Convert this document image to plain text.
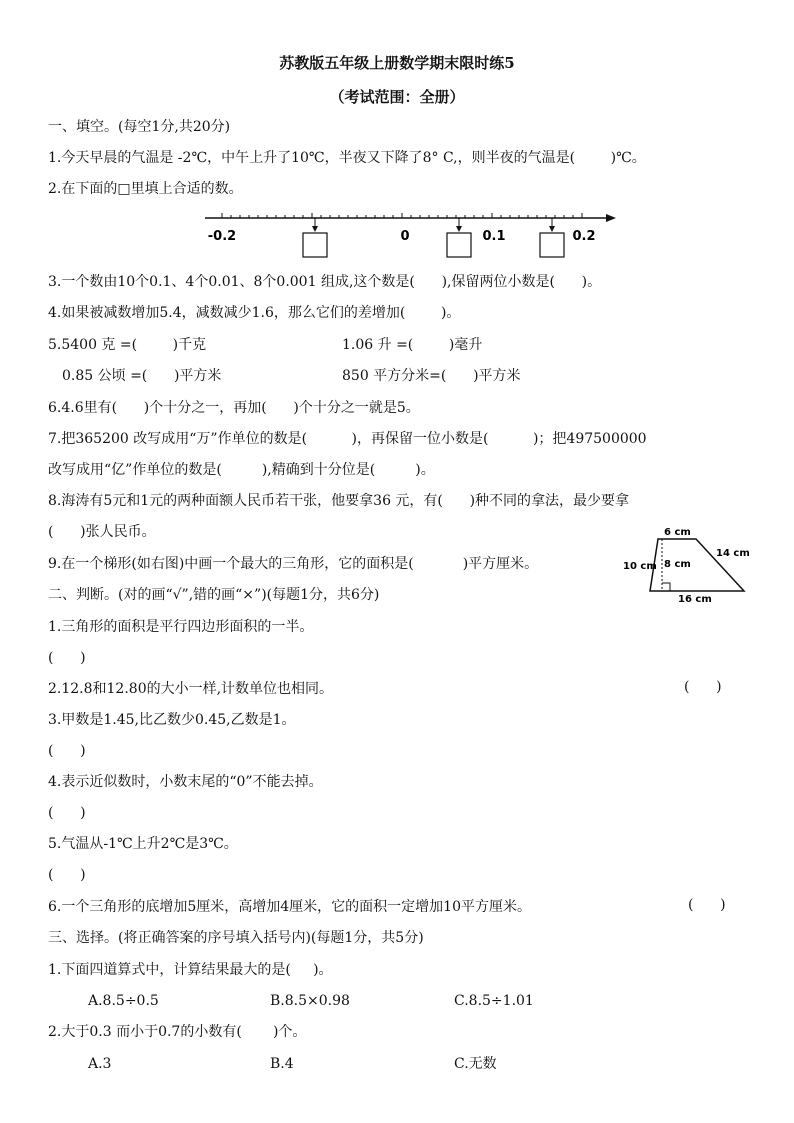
苏教版五年级上册数学期末限时练5
（考试范围：全册）
一、填空。(每空1分,共20分)
1.今天早晨的气温是 -2℃，中午上升了10℃，半夜又下降了8° C,，则半夜的气温是(        )℃。
2.在下面的□里填上合适的数。
-0.2	0	0.1	0.2
3.一个数由10个0.1、4个0.01、8个0.001 组成,这个数是(      ),保留两位小数是(      )。
4.如果被减数增加5.4，减数减少1.6，那么它们的差增加(        )。
5.5400 克 =(        )千克	1.06 升 =(        )毫升
0.85 公顷 =(      )平方米	850 平方分米=(      )平方米
6.4.6里有(      )个十分之一，再加(      )个十分之一就是5。
7.把365200 改写成用“万”作单位的数是(          )，再保留一位小数是(          )；把497500000
改写成用“亿”作单位的数是(         ),精确到十分位是(         )。
8.海涛有5元和1元的两种面额人民币若干张，他要拿36 元，有(      )种不同的拿法，最少要拿
(      )张人民币。
9.在一个梯形(如右图)中画一个最大的三角形，它的面积是(           )平方厘米。
6 cm
14 cm
8 cm
10 cm
16 cm
二、判断。(对的画“√”,错的画“×”)(每题1分，共6分)
1.三角形的面积是平行四边形面积的一半。
(      )
2.12.8和12.80的大小一样,计数单位也相同。	(      )
3.甲数是1.45,比乙数少0.45,乙数是1。
(      )
4.表示近似数时，小数末尾的“0”不能去掉。
(      )
5.气温从-1℃上升2℃是3℃。
(      )
6.一个三角形的底增加5厘米，高增加4厘米，它的面积一定增加10平方厘米。	(      )
三、选择。(将正确答案的序号填入括号内)(每题1分，共5分)
1.下面四道算式中，计算结果最大的是(     )。
A.8.5÷0.5	B.8.5×0.98	C.8.5÷1.01
2.大于0.3 而小于0.7的小数有(       )个。
A.3	B.4	C.无数
